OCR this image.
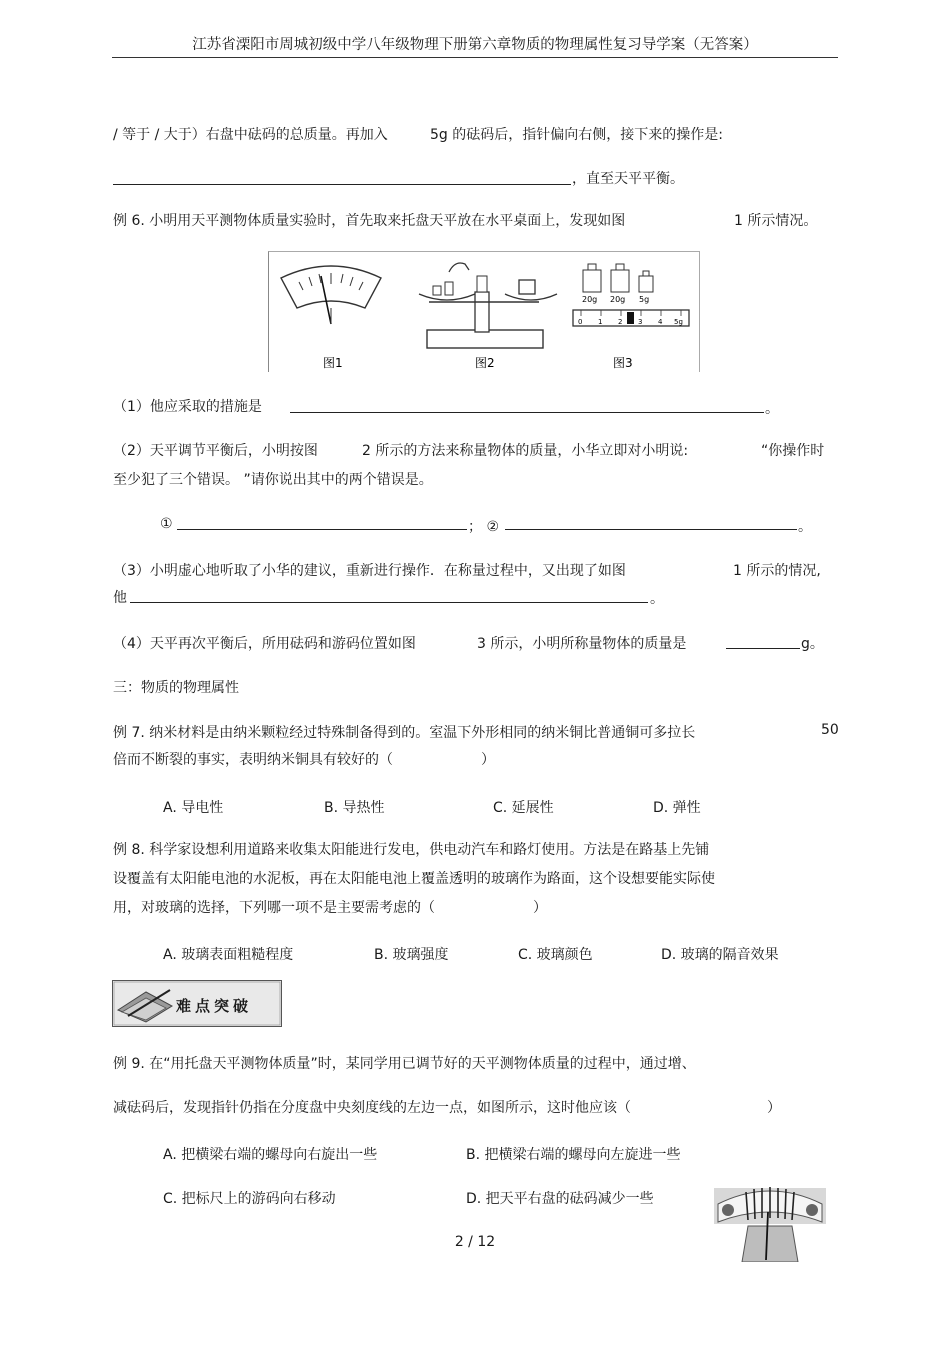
江苏省溧阳市周城初级中学八年级物理下册第六章物质的物理属性复习导学案（无答案）
/ 等于 / 大于）右盘中砝码的总质量。再加入	5g 的砝码后，指针偏向右侧，接下来的操作是:
，直至天平平衡。
例 6. 小明用天平测物体质量实验时，首先取来托盘天平放在水平桌面上，发现如图	1 所示情况。
20g 20g 5g
0 1 2 3 4 5g
图1	图2	图3
（1）他应采取的措施是	。
（2）天平调节平衡后，小明按图	2 所示的方法来称量物体的质量，小华立即对小明说:	“你操作时
至少犯了三个错误。 ”请你说出其中的两个错误是。
①	； ②	。
（3）小明虚心地听取了小华的建议，重新进行操作．在称量过程中，又出现了如图	1 所示的情况,
他	。
（4）天平再次平衡后，所用砝码和游码位置如图	3 所示，小明所称量物体的质量是	g。
三：物质的物理属性
例 7. 纳米材料是由纳米颗粒经过特殊制备得到的。室温下外形相同的纳米铜比普通铜可多拉长	50
倍而不断裂的事实，表明纳米铜具有较好的（	）
A. 导电性	B. 导热性	C. 延展性	D. 弹性
例 8. 科学家设想利用道路来收集太阳能进行发电，供电动汽车和路灯使用。方法是在路基上先铺
设覆盖有太阳能电池的水泥板，再在太阳能电池上覆盖透明的玻璃作为路面，这个设想要能实际使
用，对玻璃的选择，下列哪一项不是主要需考虑的（	）
A. 玻璃表面粗糙程度	B. 玻璃强度	C. 玻璃颜色	D. 玻璃的隔音效果
难点突破
例 9. 在“用托盘天平测物体质量”时，某同学用已调节好的天平测物体质量的过程中，通过增、
减砝码后，发现指针仍指在分度盘中央刻度线的左边一点，如图所示，这时他应该（	）
A. 把横梁右端的螺母向右旋出一些	B. 把横梁右端的螺母向左旋进一些
C. 把标尺上的游码向右移动	D. 把天平右盘的砝码减少一些
2 / 12
